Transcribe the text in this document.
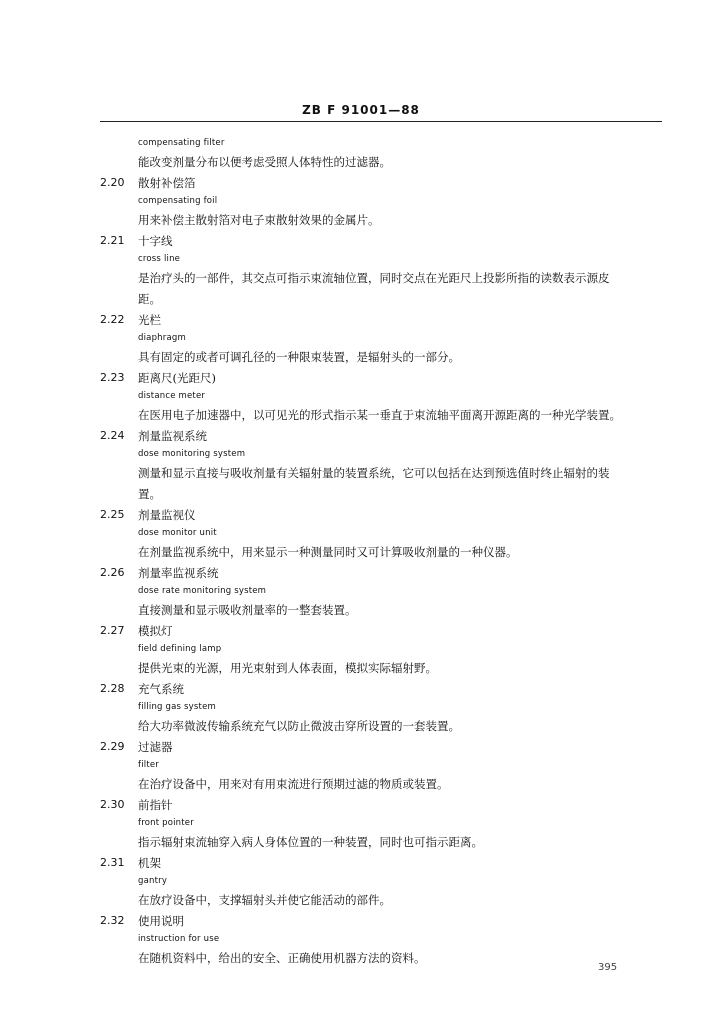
ZB F 91001—88
compensating filter
能改变剂量分布以便考虑受照人体特性的过滤器。
2.20	散射补偿箔
compensating foil
用来补偿主散射箔对电子束散射效果的金属片。
2.21	十字线
cross line
是治疗头的一部件，其交点可指示束流轴位置，同时交点在光距尺上投影所指的读数表示源皮
距。
2.22	光栏
diaphragm
具有固定的或者可调孔径的一种限束装置，是辐射头的一部分。
2.23	距离尺(光距尺)
distance meter
在医用电子加速器中，以可见光的形式指示某一垂直于束流轴平面离开源距离的一种光学装置。
2.24	剂量监视系统
dose monitoring system
测量和显示直接与吸收剂量有关辐射量的装置系统，它可以包括在达到预选值时终止辐射的装
置。
2.25	剂量监视仪
dose monitor unit
在剂量监视系统中，用来显示一种测量同时又可计算吸收剂量的一种仪器。
2.26	剂量率监视系统
dose rate monitoring system
直接测量和显示吸收剂量率的一整套装置。
2.27	模拟灯
field defining lamp
提供光束的光源，用光束射到人体表面，模拟实际辐射野。
2.28	充气系统
filling gas system
给大功率微波传输系统充气以防止微波击穿所设置的一套装置。
2.29	过滤器
filter
在治疗设备中，用来对有用束流进行预期过滤的物质或装置。
2.30	前指针
front pointer
指示辐射束流轴穿入病人身体位置的一种装置，同时也可指示距离。
2.31	机架
gantry
在放疗设备中，支撑辐射头并使它能活动的部件。
2.32	使用说明
instruction for use
在随机资料中，给出的安全、正确使用机器方法的资料。
395
